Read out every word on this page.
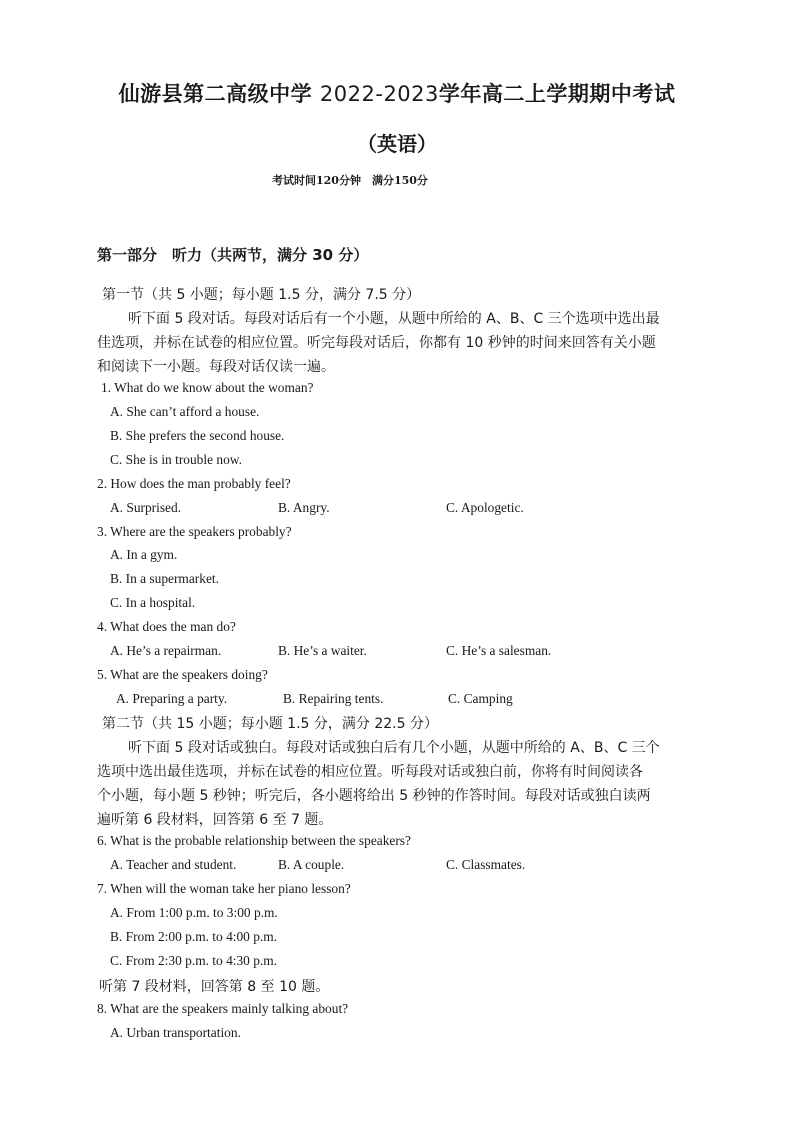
仙游县第二高级中学 2022-2023学年高二上学期期中考试
（英语）
考试时间120分钟　满分150分
第一部分　听力（共两节，满分 30 分）
第一节（共 5 小题；每小题 1.5 分，满分 7.5 分）
听下面 5 段对话。每段对话后有一个小题，从题中所给的 A、B、C 三个选项中选出最
佳选项，并标在试卷的相应位置。听完每段对话后，你都有 10 秒钟的时间来回答有关小题
和阅读下一小题。每段对话仅读一遍。
1. What do we know about the woman?
A. She can’t afford a house.
B. She prefers the second house.
C. She is in trouble now.
2. How does the man probably feel?
A. Surprised.	B. Angry.	C. Apologetic.
3. Where are the speakers probably?
A. In a gym.
B. In a supermarket.
C. In a hospital.
4. What does the man do?
A. He’s a repairman.	B. He’s a waiter.	C. He’s a salesman.
5. What are the speakers doing?
A. Preparing a party.	B. Repairing tents.	C. Camping
第二节（共 15 小题；每小题 1.5 分，满分 22.5 分）
听下面 5 段对话或独白。每段对话或独白后有几个小题，从题中所给的 A、B、C 三个
选项中选出最佳选项，并标在试卷的相应位置。听每段对话或独白前，你将有时间阅读各
个小题，每小题 5 秒钟；听完后，各小题将给出 5 秒钟的作答时间。每段对话或独白读两
遍听第 6 段材料，回答第 6 至 7 题。
6. What is the probable relationship between the speakers?
A. Teacher and student.	B. A couple.	C. Classmates.
7. When will the woman take her piano lesson?
A. From 1:00 p.m. to 3:00 p.m.
B. From 2:00 p.m. to 4:00 p.m.
C. From 2:30 p.m. to 4:30 p.m.
听第 7 段材料，回答第 8 至 10 题。
8. What are the speakers mainly talking about?
A. Urban transportation.
